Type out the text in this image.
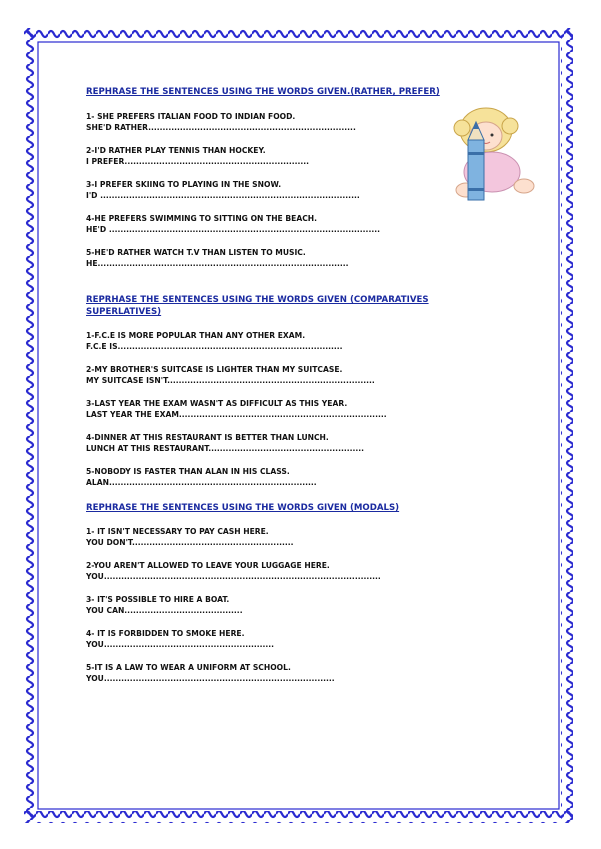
REPHRASE THE SENTENCES USING THE WORDS GIVEN.(RATHER, PREFER)

1- SHE PREFERS ITALIAN FOOD TO INDIAN FOOD.

SHE'D RATHER........................................................................

2-I'D RATHER PLAY TENNIS THAN HOCKEY.

I PREFER................................................................

3-I PREFER SKIING TO PLAYING IN THE SNOW.

I'D ..........................................................................................

4-HE PREFERS SWIMMING TO SITTING ON THE BEACH.

HE'D ..............................................................................................

5-HE'D RATHER WATCH T.V THAN LISTEN TO MUSIC.

HE.......................................................................................

REPRHASE THE SENTENCES USING THE WORDS GIVEN (COMPARATIVES SUPERLATIVES)

1-F.C.E IS MORE POPULAR THAN ANY OTHER EXAM.

F.C.E IS..............................................................................

2-MY BROTHER'S SUITCASE IS LIGHTER THAN MY SUITCASE.

MY SUITCASE ISN'T........................................................................

3-LAST YEAR THE EXAM WASN'T AS DIFFICULT AS THIS YEAR.

LAST YEAR THE EXAM........................................................................

4-DINNER AT THIS RESTAURANT IS BETTER THAN LUNCH.

LUNCH AT THIS RESTAURANT......................................................

5-NOBODY IS FASTER THAN ALAN IN HIS CLASS.

ALAN........................................................................

REPHRASE THE SENTENCES USING THE WORDS GIVEN (MODALS)

1- IT ISN'T NECESSARY TO PAY CASH HERE.

YOU DON'T........................................................

2-YOU AREN'T ALLOWED TO LEAVE YOUR LUGGAGE HERE.

YOU................................................................................................

3- IT'S POSSIBLE TO HIRE A BOAT.

YOU CAN.........................................

4- IT IS FORBIDDEN TO SMOKE HERE.

YOU...........................................................

5-IT IS A LAW TO WEAR A UNIFORM AT SCHOOL.

YOU................................................................................
